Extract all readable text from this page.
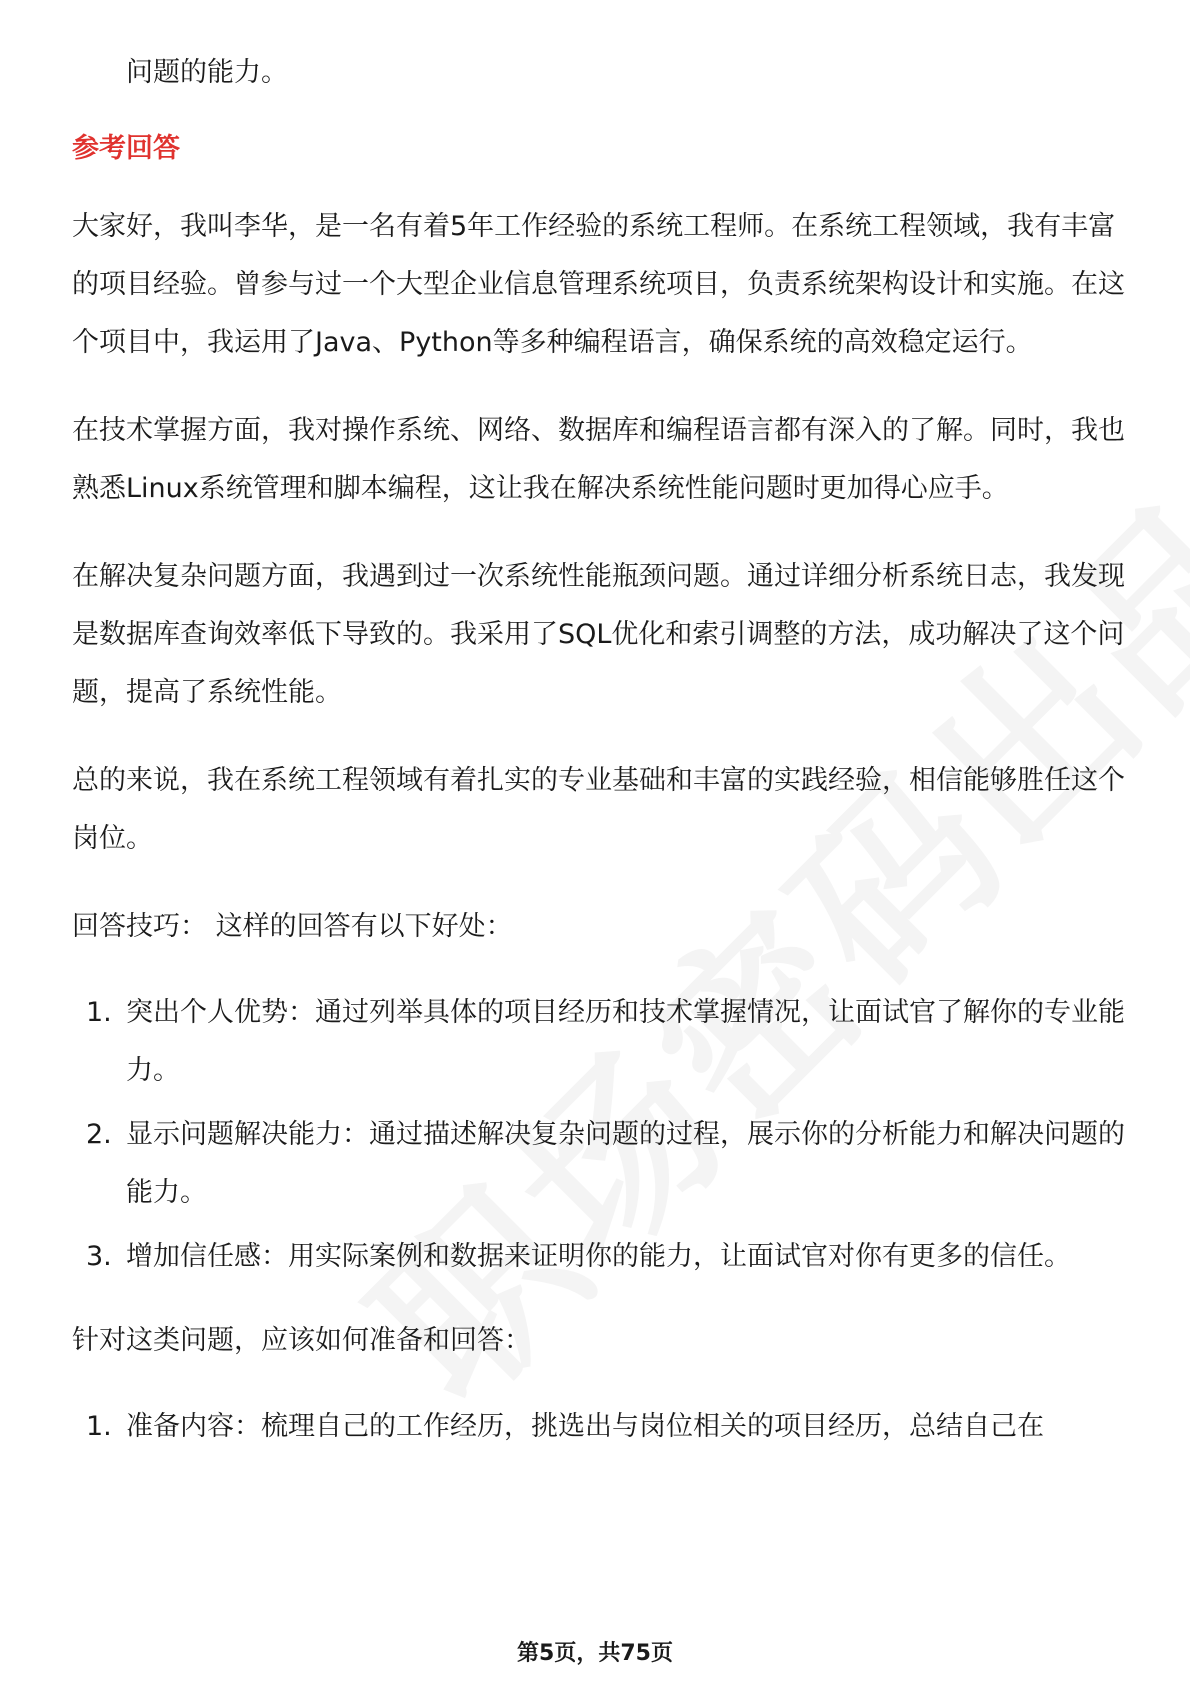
问题的能力。
参考回答

大家好，我叫李华，是一名有着5年工作经验的系统工程师。在系统工程领域，我有丰富的项目经验。曾参与过一个大型企业信息管理系统项目，负责系统架构设计和实施。在这个项目中，我运用了Java、Python等多种编程语言，确保系统的高效稳定运行。

在技术掌握方面，我对操作系统、网络、数据库和编程语言都有深入的了解。同时，我也熟悉Linux系统管理和脚本编程，这让我在解决系统性能问题时更加得心应手。

在解决复杂问题方面，我遇到过一次系统性能瓶颈问题。通过详细分析系统日志，我发现是数据库查询效率低下导致的。我采用了SQL优化和索引调整的方法，成功解决了这个问题，提高了系统性能。

总的来说，我在系统工程领域有着扎实的专业基础和丰富的实践经验，相信能够胜任这个岗位。

回答技巧： 这样的回答有以下好处：
1. 突出个人优势：通过列举具体的项目经历和技术掌握情况，让面试官了解你的专业能力。
2. 显示问题解决能力：通过描述解决复杂问题的过程，展示你的分析能力和解决问题的能力。
3. 增加信任感：用实际案例和数据来证明你的能力，让面试官对你有更多的信任。
针对这类问题，应该如何准备和回答：
1. 准备内容：梳理自己的工作经历，挑选出与岗位相关的项目经历，总结自己在
第5页，共75页
